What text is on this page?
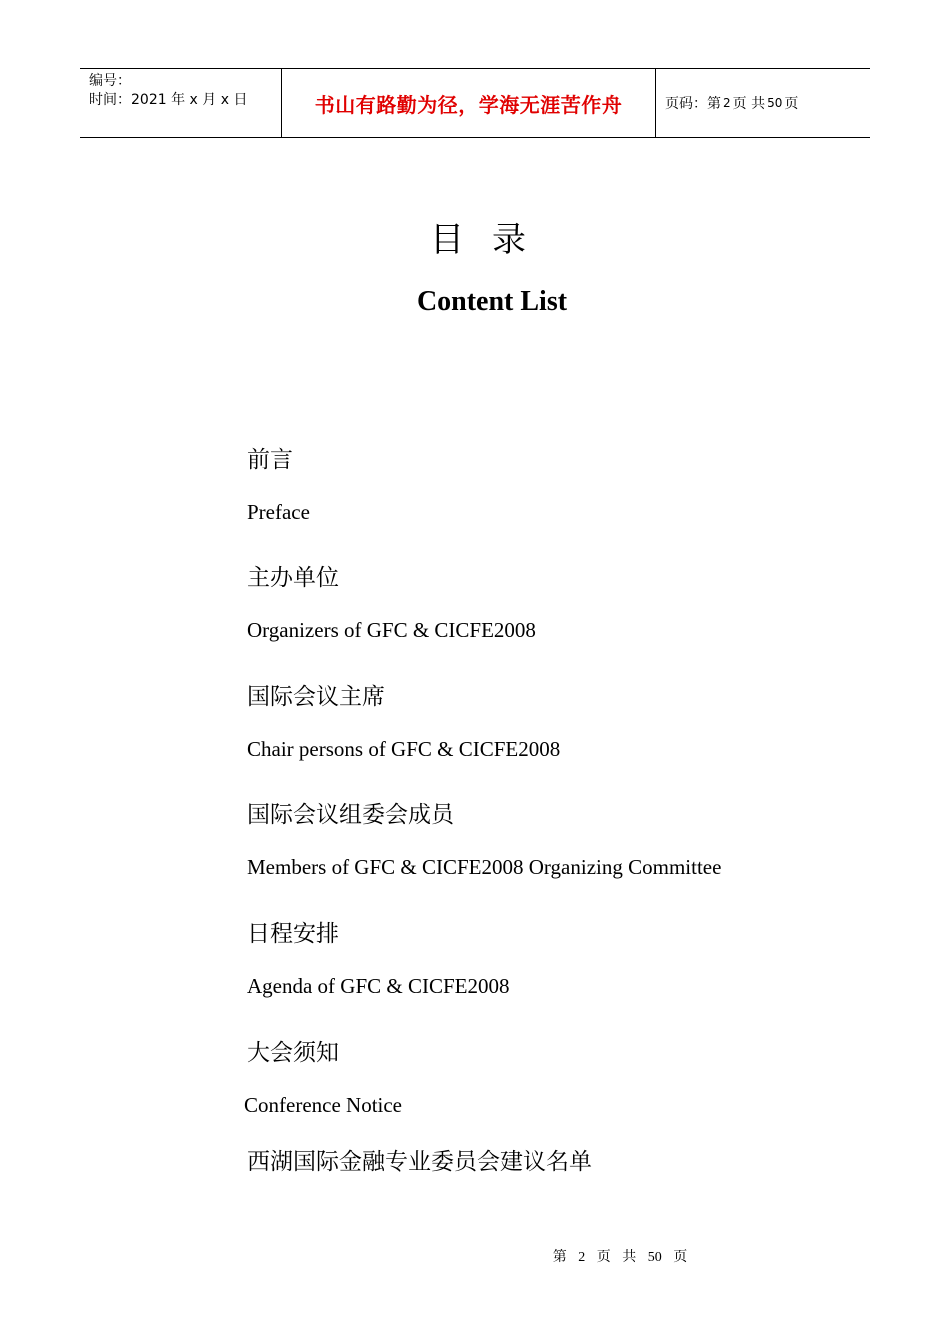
编号：
时间：2021 年 x 月 x 日	书山有路勤为径，学海无涯苦作舟	页码：第 2 页 共 50 页
目录
Content List
前言
Preface
主办单位
Organizers of GFC & CICFE2008
国际会议主席
Chair persons of GFC & CICFE2008
国际会议组委会成员
Members of GFC & CICFE2008 Organizing Committee
日程安排
Agenda of GFC & CICFE2008
大会须知
Conference Notice
西湖国际金融专业委员会建议名单
第 2 页 共 50 页
